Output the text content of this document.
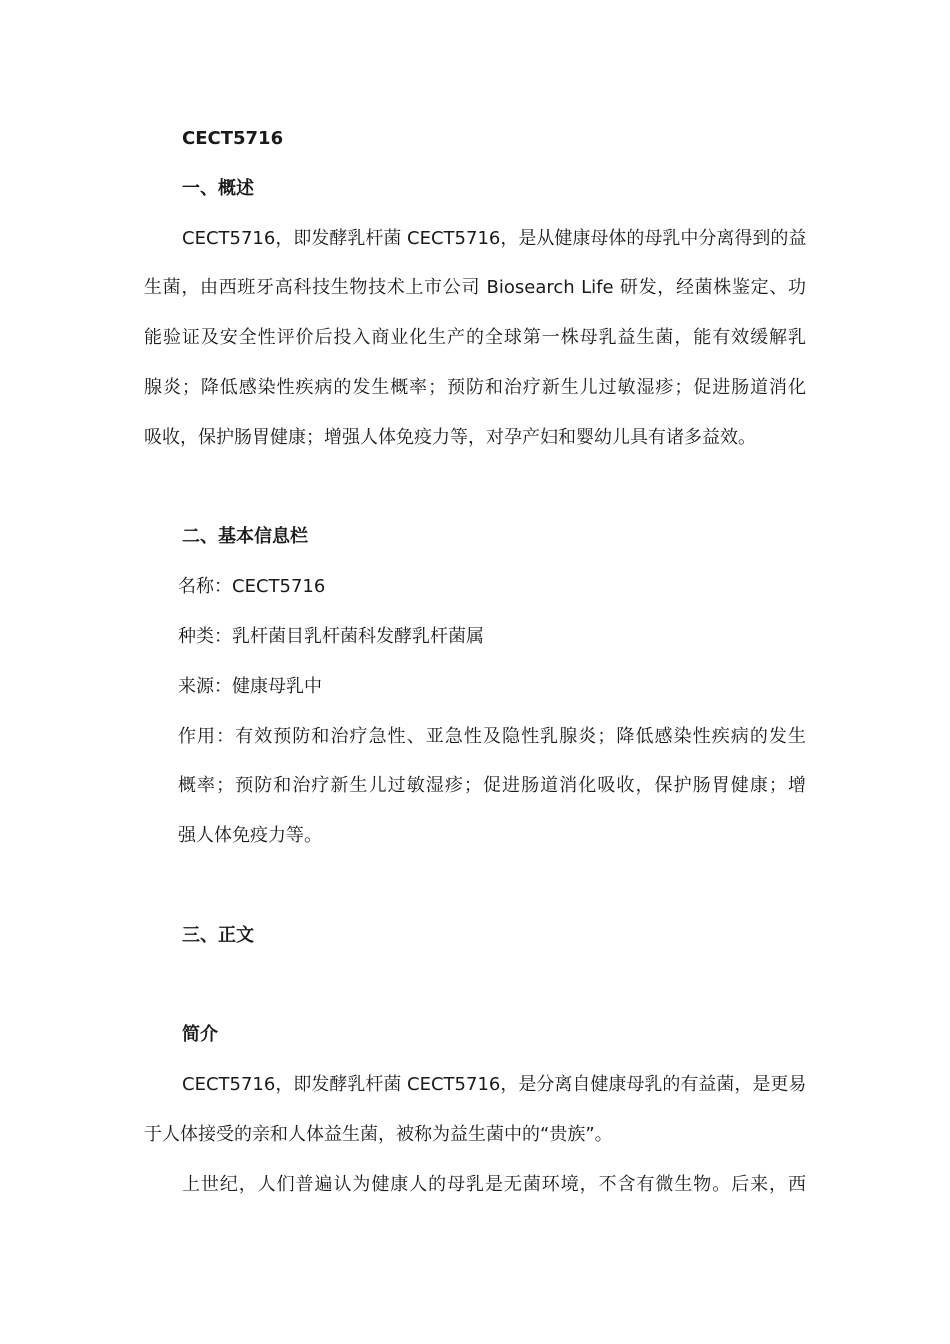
CECT5716
一、概述
CECT5716，即发酵乳杆菌 CECT5716，是从健康母体的母乳中分离得到的益
生菌，由西班牙高科技生物技术上市公司 Biosearch Life 研发，经菌株鉴定、功
能验证及安全性评价后投入商业化生产的全球第一株母乳益生菌，能有效缓解乳
腺炎；降低感染性疾病的发生概率；预防和治疗新生儿过敏湿疹；促进肠道消化
吸收，保护肠胃健康；增强人体免疫力等，对孕产妇和婴幼儿具有诸多益效。
二、基本信息栏
名称：CECT5716
种类：乳杆菌目乳杆菌科发酵乳杆菌属
来源：健康母乳中
作用：有效预防和治疗急性、亚急性及隐性乳腺炎；降低感染性疾病的发生
概率；预防和治疗新生儿过敏湿疹；促进肠道消化吸收，保护肠胃健康；增
强人体免疫力等。
三、正文
简介
CECT5716，即发酵乳杆菌 CECT5716，是分离自健康母乳的有益菌，是更易
于人体接受的亲和人体益生菌，被称为益生菌中的“贵族”。
上世纪，人们普遍认为健康人的母乳是无菌环境，不含有微生物。后来，西
